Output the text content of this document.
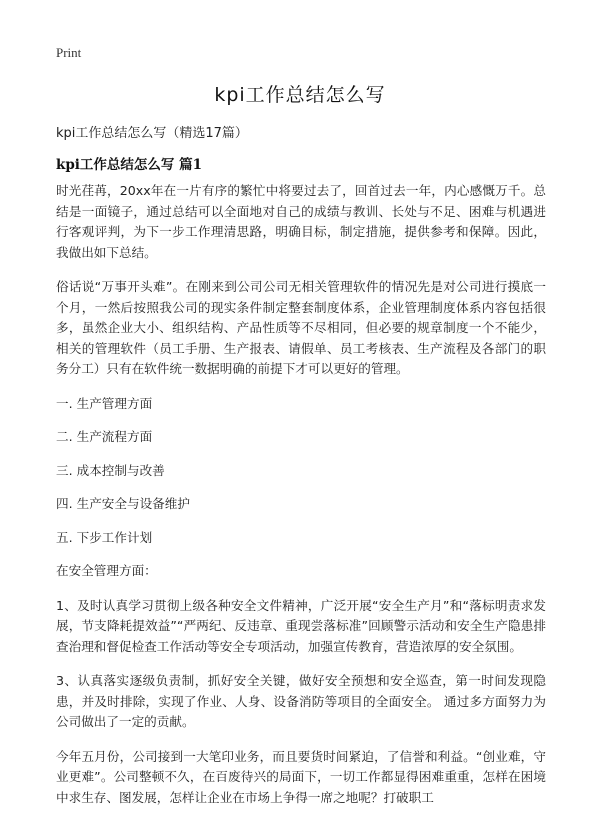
Print
kpi工作总结怎么写
kpi工作总结怎么写（精选17篇）
kpi工作总结怎么写 篇1

时光荏苒，20xx年在一片有序的繁忙中将要过去了，回首过去一年，内心感慨万千。总结是一面镜子，通过总结可以全面地对自己的成绩与教训、长处与不足、困难与机遇进行客观评判，为下一步工作理清思路，明确目标，制定措施，提供参考和保障。因此，我做出如下总结。

俗话说“万事开头难”。在刚来到公司公司无相关管理软件的情况先是对公司进行摸底一个月，一然后按照我公司的现实条件制定整套制度体系，企业管理制度体系内容包括很多，虽然企业大小、组织结构、产品性质等不尽相同，但必要的规章制度一个不能少，相关的管理软件（员工手册、生产报表、请假单、员工考核表、生产流程及各部门的职务分工）只有在软件统一数据明确的前提下才可以更好的管理。

一. 生产管理方面
二. 生产流程方面
三. 成本控制与改善
四. 生产安全与设备维护
五. 下步工作计划

在安全管理方面：

1、及时认真学习贯彻上级各种安全文件精神，广泛开展“安全生产月”和“落标明责求发展，节支降耗提效益”“严两纪、反违章、重现尝落标准”回顾警示活动和安全生产隐患排查治理和督促检查工作活动等安全专项活动，加强宣传教育，营造浓厚的安全氛围。

3、认真落实逐级负责制，抓好安全关键，做好安全预想和安全巡查，第一时间发现隐患，并及时排除，实现了作业、人身、设备消防等项目的全面安全。 通过多方面努力为公司做出了一定的贡献。

今年五月份，公司接到一大笔印业务，而且要货时间紧迫，了信誉和利益。“创业难，守业更难”。公司整顿不久，在百废待兴的局面下，一切工作都显得困难重重，怎样在困境中求生存、图发展，怎样让企业在市场上争得一席之地呢？打破职工
